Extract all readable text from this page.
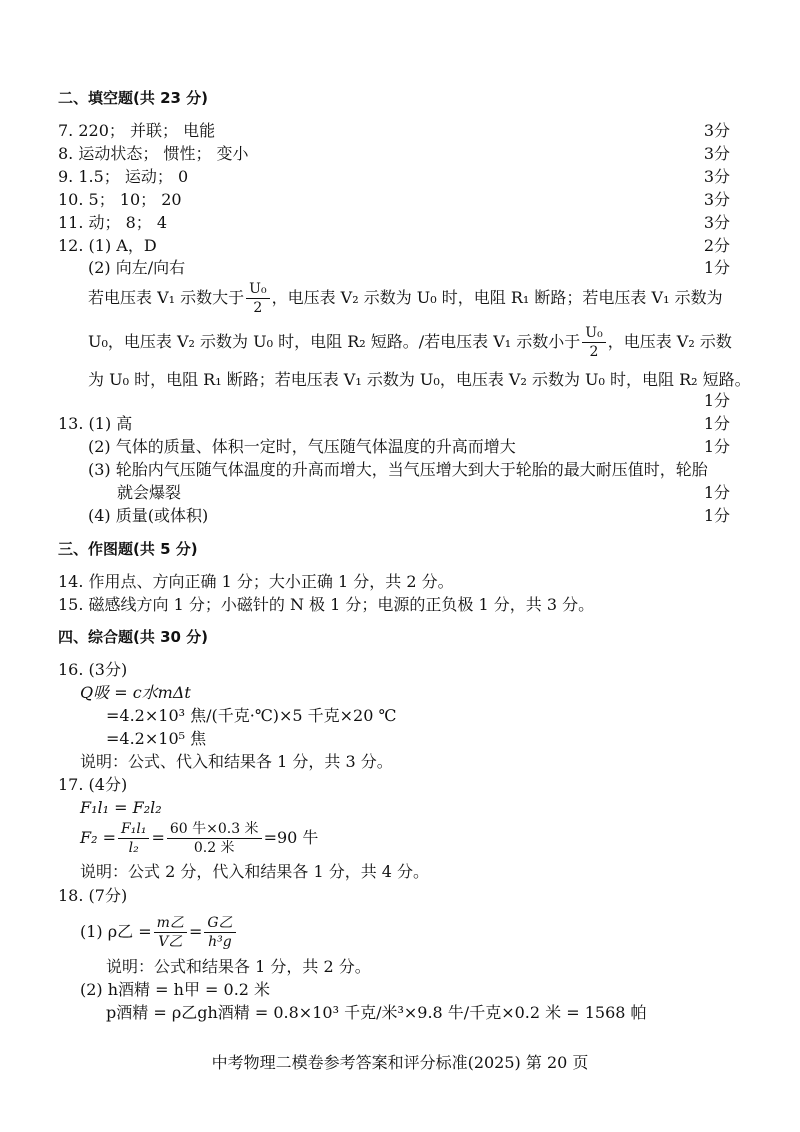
二、填空题(共 23 分)
7. 220； 并联； 电能	3分
8. 运动状态； 惯性； 变小	3分
9. 1.5； 运动； 0	3分
10. 5； 10； 20	3分
11. 动； 8； 4	3分
12. (1) A，D	2分
(2) 向左/向右	1分
若电压表 V₁ 示数大于 $\frac{\text{U₀}}{2}$ ，电压表 V₂ 示数为 U₀ 时，电阻 R₁ 断路；若电压表 V₁ 示数为
U₀，电压表 V₂ 示数为 U₀ 时，电阻 R₂ 短路。/若电压表 V₁ 示数小于 $\frac{\text{U₀}}{2}$ ，电压表 V₂ 示数
为 U₀ 时，电阻 R₁ 断路；若电压表 V₁ 示数为 U₀，电压表 V₂ 示数为 U₀ 时，电阻 R₂ 短路。
1分
13. (1) 高	1分
(2) 气体的质量、体积一定时，气压随气体温度的升高而增大	1分
(3) 轮胎内气压随气体温度的升高而增大，当气压增大到大于轮胎的最大耐压值时，轮胎
就会爆裂	1分
(4) 质量(或体积)	1分
三、作图题(共 5 分)
14. 作用点、方向正确 1 分；大小正确 1 分，共 2 分。
15. 磁感线方向 1 分；小磁针的 N 极 1 分；电源的正负极 1 分，共 3 分。
四、综合题(共 30 分)
16. (3分)
Q吸 = c水mΔt
=4.2×10³ 焦/(千克·℃)×5 千克×20 ℃
=4.2×10⁵ 焦
说明：公式、代入和结果各 1 分，共 3 分。
17. (4分)
F₁l₁ = F₂l₂
$F_2 = \frac{\text{F₁l₁}}{\text{l₂}} = \frac{\text{60 牛×0.3 米}}{\text{0.2 米}} =90$ 牛
说明：公式 2 分，代入和结果各 1 分，共 4 分。
18. (7分)
(1) ρ乙 = $\frac{\text{m乙}}{\text{V乙}} = \frac{\text{G乙}}{\text{h³g}}$
说明：公式和结果各 1 分，共 2 分。
(2) h酒精 = h甲 = 0.2 米
p酒精 = ρ乙gh酒精 = 0.8×10³ 千克/米³×9.8 牛/千克×0.2 米 = 1568 帕
中考物理二模卷参考答案和评分标准(2025) 第 20 页
